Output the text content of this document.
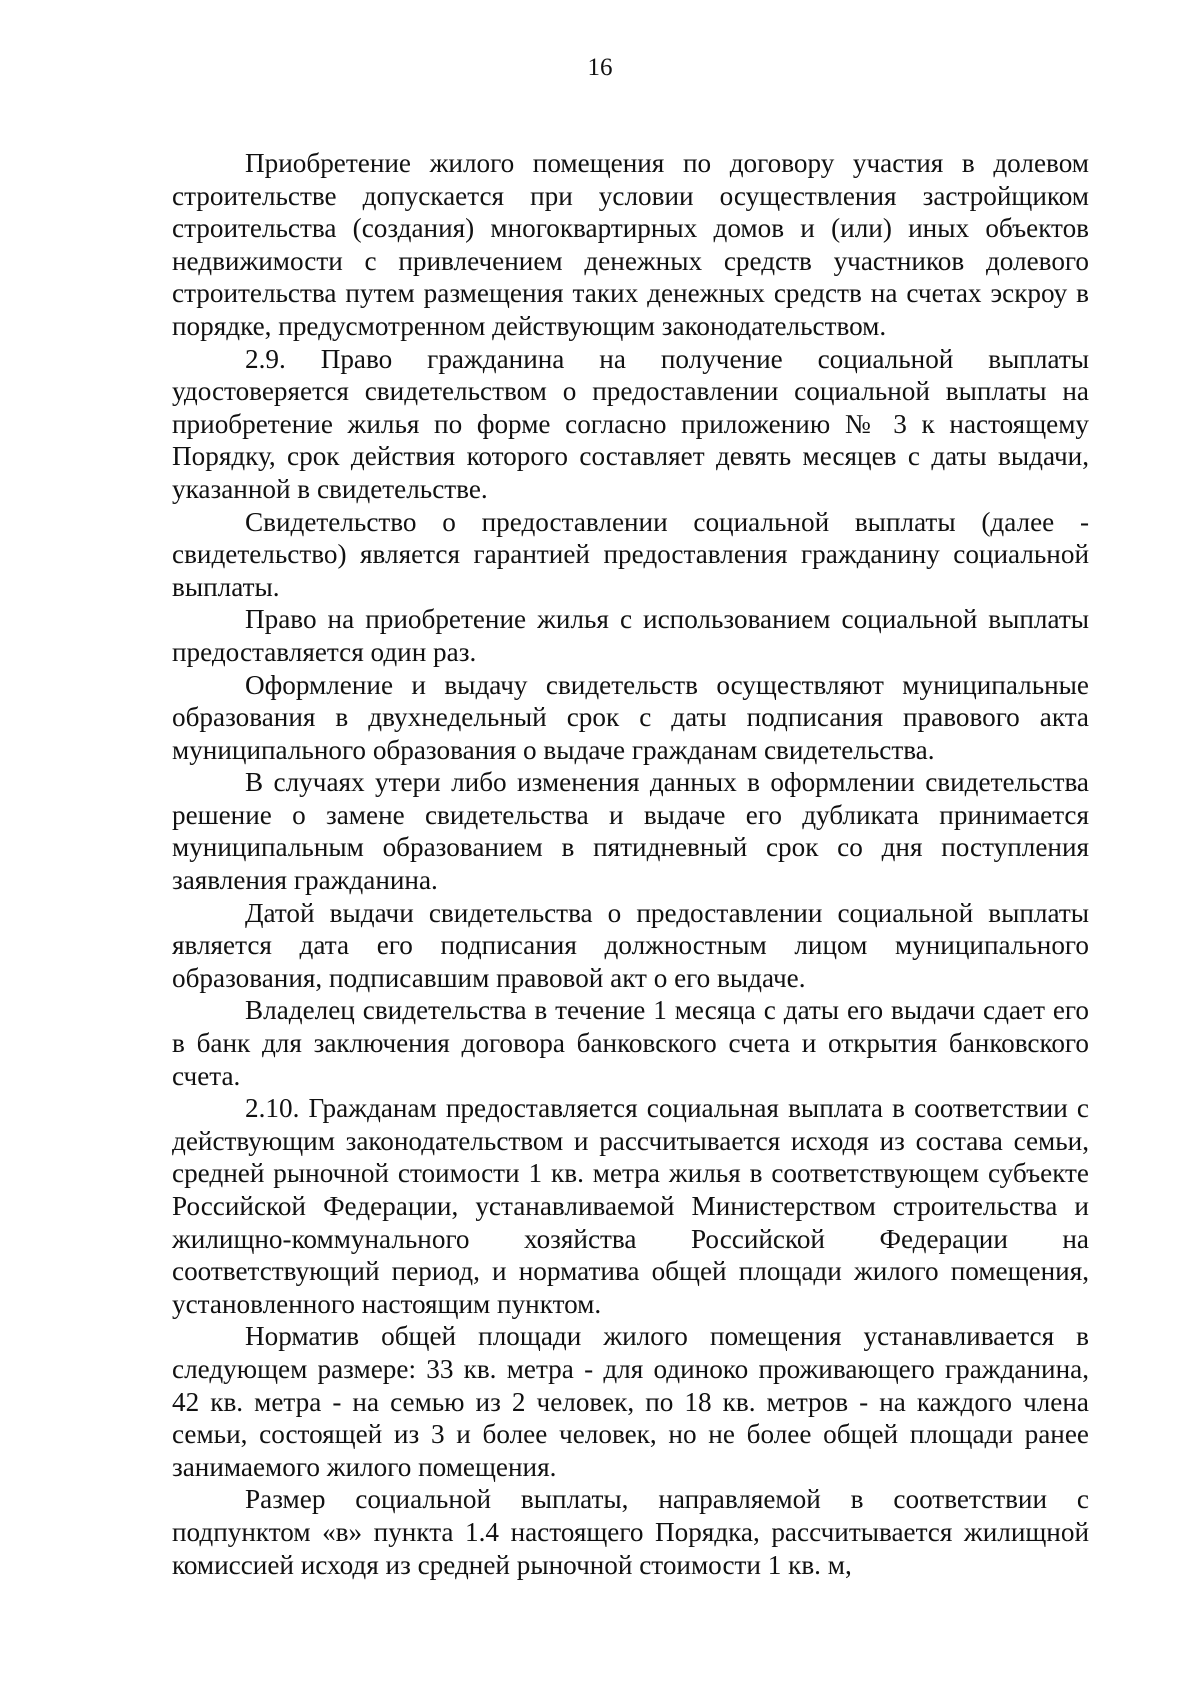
16

Приобретение жилого помещения по договору участия в долевом строительстве допускается при условии осуществления застройщиком строительства (создания) многоквартирных домов и (или) иных объектов недвижимости с привлечением денежных средств участников долевого строительства путем размещения таких денежных средств на счетах эскроу в порядке, предусмотренном действующим законодательством.

2.9. Право гражданина на получение социальной выплаты удостоверяется свидетельством о предоставлении социальной выплаты на приобретение жилья по форме согласно приложению № 3 к настоящему Порядку, срок действия которого составляет девять месяцев с даты выдачи, указанной в свидетельстве.

Свидетельство о предоставлении социальной выплаты (далее - свидетельство) является гарантией предоставления гражданину социальной выплаты.

Право на приобретение жилья с использованием социальной выплаты предоставляется один раз.

Оформление и выдачу свидетельств осуществляют муниципальные образования в двухнедельный срок с даты подписания правового акта муниципального образования о выдаче гражданам свидетельства.

В случаях утери либо изменения данных в оформлении свидетельства решение о замене свидетельства и выдаче его дубликата принимается муниципальным образованием в пятидневный срок со дня поступления заявления гражданина.

Датой выдачи свидетельства о предоставлении социальной выплаты является дата его подписания должностным лицом муниципального образования, подписавшим правовой акт о его выдаче.

Владелец свидетельства в течение 1 месяца с даты его выдачи сдает его в банк для заключения договора банковского счета и открытия банковского счета.

2.10. Гражданам предоставляется социальная выплата в соответствии с действующим законодательством и рассчитывается исходя из состава семьи, средней рыночной стоимости 1 кв. метра жилья в соответствующем субъекте Российской Федерации, устанавливаемой Министерством строительства и жилищно-коммунального хозяйства Российской Федерации на соответствующий период, и норматива общей площади жилого помещения, установленного настоящим пунктом.

Норматив общей площади жилого помещения устанавливается в следующем размере: 33 кв. метра - для одиноко проживающего гражданина, 42 кв. метра - на семью из 2 человек, по 18 кв. метров - на каждого члена семьи, состоящей из 3 и более человек, но не более общей площади ранее занимаемого жилого помещения.

Размер социальной выплаты, направляемой в соответствии с подпунктом «в» пункта 1.4 настоящего Порядка, рассчитывается жилищной комиссией исходя из средней рыночной стоимости 1 кв. м,
